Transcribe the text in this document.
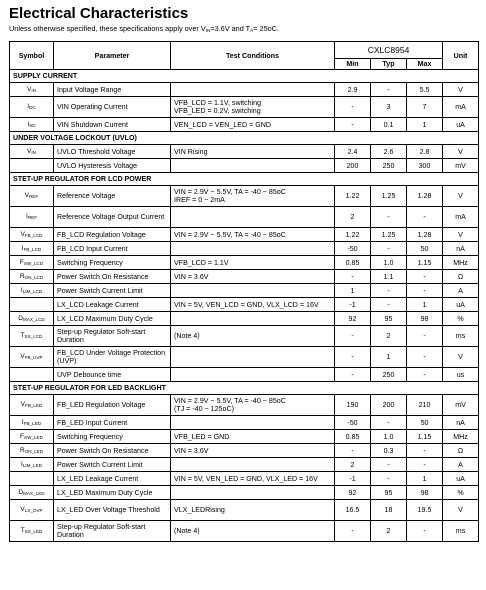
Electrical Characteristics
Unless otherwise specified, these specifications apply over $V_{IN}=3.6V$ and $T_A= 25oC$.
Symbol	Parameter	Test Conditions	CXLC8954			Unit
			Min	Typ	Max	
SUPPLY CURRENT						
$V_{IN}$	Input Voltage Range		2.9	-	5.5	V
$I_{DC}$	VIN Operating Current	VFB_LCD = 1.1V, switching
VFB_LED = 0.2V, switching	-	3	7	mA
$I_{SD}$	VIN Shutdown Current	VEN_LCD = VEN_LED = GND	-	0.1	1	uA
UNDER VOLTAGE LOCKOUT (UVLO)						
$V_{IN}$	UVLO Threshold Voltage	VIN Rising	2.4	2.6	2.8	V
	UVLO Hysteresis Voltage		200	250	300	mV
STET-UP REGULATOR FOR LCD POWER						
$V_{REF}$	Reference Voltage	VIN = 2.9V ~ 5.5V, TA = -40 ~ 85oC
IREF = 0 ~ 2mA	1.22	1.25	1.28	V
$I_{REF}$	Reference Voltage Output Current		2	-	-	mA
$V_{FB\_LCD}$	FB_LCD Regulation Voltage	VIN = 2.9V ~ 5.5V, TA = -40 ~ 85oC	1.22	1.25	1.28	V
$I_{FB\_LCD}$	FB_LCD Input Current		-50	-	50	nA
$F_{SW\_LCD}$	Switching Frequency	VFB_LCD = 1.1V	0.85	1.0	1.15	MHz
$R_{ON\_LCD}$	Power Switch On Resistance	VIN = 3.6V	-	1.1	-	Ω
$I_{LIM\_LCD}$	Power Switch Current Limit		1	-	-	A
	LX_LCD Leakage Current	VIN = 5V, VEN_LCD = GND, VLX_LCD = 16V	-1	-	1	uA
$D_{MAX\_LCD}$	LX_LCD Maximum Duty Cycle		92	95	98	%
$T_{SS\_LCD}$	Step-up Regulator Soft-start Duration	(Note 4)	-	2	-	ms
$V_{FB\_UVP}$	FB_LCD Under Voltage Protection (UVP)		-	1	-	V
	UVP Debounce time		-	250	-	us
STET-UP REGULATOR FOR LED BACKLIGHT						
$V_{FB\_LED}$	FB_LED Regulation Voltage	VIN = 2.9V ~ 5.5V, TA = -40 ~ 85oC
(TJ = -40 ~ 125oC)	190	200	210	mV
$I_{FB\_LED}$	FB_LED Input Current		-50	-	50	nA
$F_{SW\_LED}$	Switching Frequency	VFB_LED = GND	0.85	1.0	1.15	MHz
$R_{ON\_LED}$	Power Switch On Resistance	VIN = 3.6V	-	0.3	-	Ω
$I_{LIM\_LED}$	Power Switch Current Limit		2	-	-	A
	LX_LED Leakage Current	VIN = 5V, VEN_LED = GND, VLX_LED = 16V	-1	-	1	uA
$D_{MAX\_LED}$	LX_LED Maximum Duty Cycle		92	95	98	%
$V_{LX\_OVP}$	LX_LED Over Voltage Threshold	VLX_LEDRising	16.5	18	19.5	V
$T_{SS\_LED}$	Step-up Regulator Soft-start Duration	(Note 4)	-	2	-	ms
